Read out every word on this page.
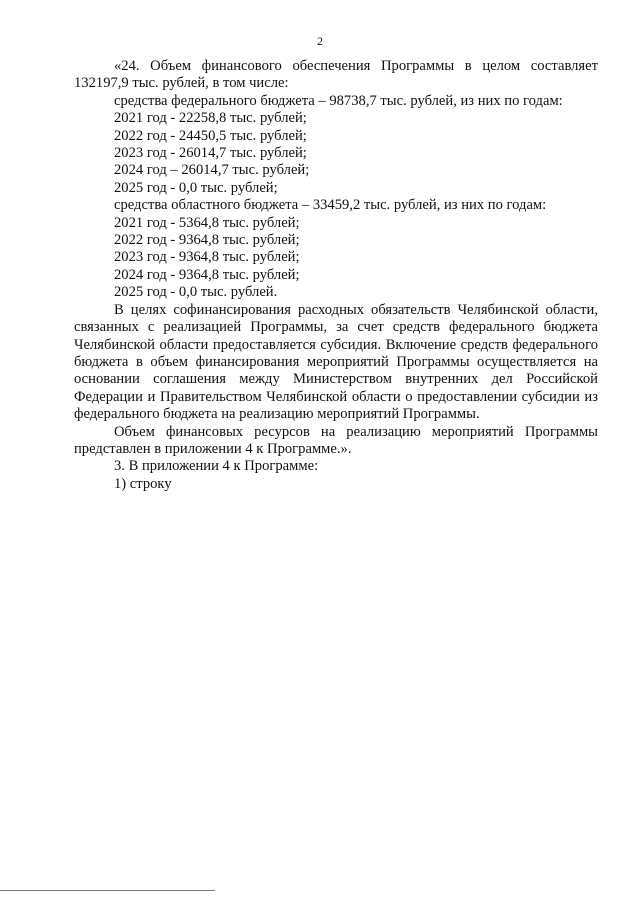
2
«24. Объем финансового обеспечения Программы в целом составляет
132197,9 тыс. рублей, в том числе:
средства федерального бюджета – 98738,7 тыс. рублей, из них по годам:
2021 год - 22258,8 тыс. рублей;
2022 год - 24450,5 тыс. рублей;
2023 год - 26014,7 тыс. рублей;
2024 год – 26014,7 тыс. рублей;
2025 год - 0,0 тыс. рублей;
средства областного бюджета – 33459,2 тыс. рублей, из них по годам:
2021 год - 5364,8 тыс. рублей;
2022 год - 9364,8 тыс. рублей;
2023 год - 9364,8 тыс. рублей;
2024 год - 9364,8 тыс. рублей;
2025 год - 0,0 тыс. рублей.
В целях софинансирования расходных обязательств Челябинской области, связанных с реализацией Программы, за счет средств федерального бюджета Челябинской области предоставляется субсидия. Включение средств федерального бюджета в объем финансирования мероприятий Программы осуществляется на основании соглашения между Министерством внутренних дел Российской Федерации и Правительством Челябинской области о предоставлении субсидии из федерального бюджета на реализацию мероприятий Программы.
Объем финансовых ресурсов на реализацию мероприятий Программы представлен в приложении 4 к Программе.».
3. В приложении 4 к Программе:
1) строку
